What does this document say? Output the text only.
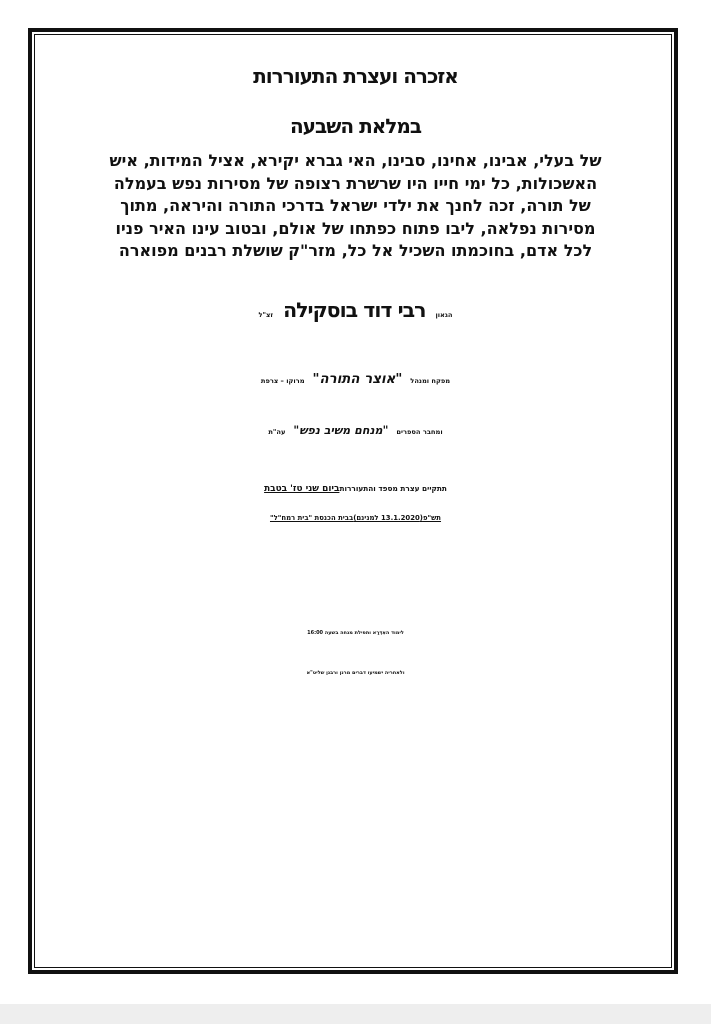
אזכרה ועצרת התעוררות
במלאת השבעה
של בעלי, אבינו, אחינו, סבינו, האי גברא יקירא, אציל המידות, איש
האשכולות, כל ימי חייו היו שרשרת רצופה של מסירות נפש בעמלה
של תורה, זכה לחנך את ילדי ישראל בדרכי התורה והיראה, מתוך
מסירות נפלאה, ליבו פתוח כפתחו של אולם, ובטוב עינו האיר פניו
לכל אדם, בחוכמתו השכיל אל כל, מזר"ק שושלת רבנים מפוארה
הגאון רבי דוד בוסקילה זצ"ל
מפקח ומנהל "אוצר התורה" מרוקו – צרפת
ומחבר הספרים "מנחם משיב נפש" עה"ת
תתקיים עצרת מספד והתעוררות ביום שני טז' בטבת
תש"פ (13.1.2020 למנינם) בבית הכנסת "בית רמח"ל"
לימוד האִדְּרָא ותפילת מנחה בשעה 16:00
ולאחריה ישמיעו דברים מרנן ורבנן שליט"א
